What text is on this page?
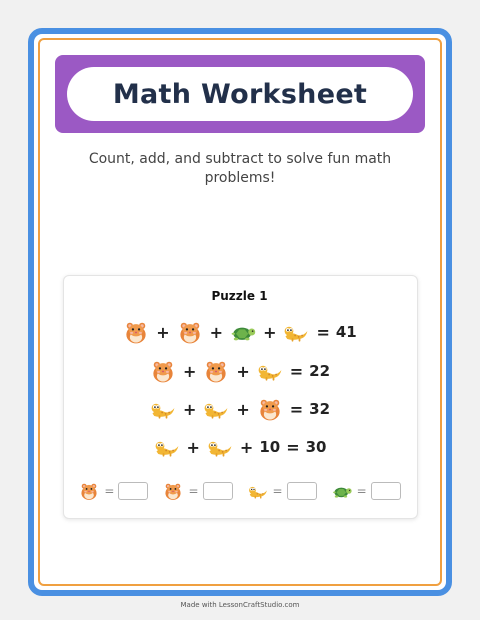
Math Worksheet
Count, add, and subtract to solve fun math problems!
Puzzle 1
+	+	+	= 41
+	+	= 22
+	+	= 32
+	+ 10 = 30
=	=	=	=
Made with LessonCraftStudio.com
